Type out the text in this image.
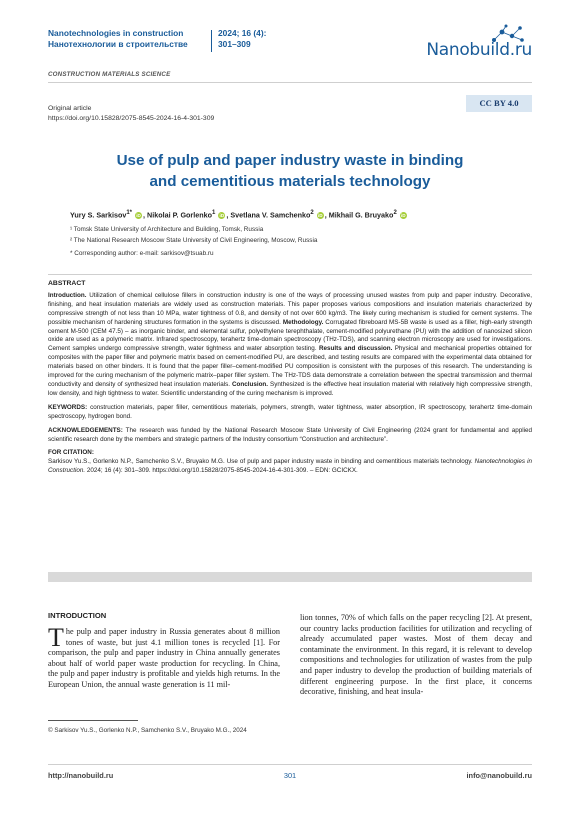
Nanotechnologies in construction
Нанотехнологии в строительстве
2024; 16 (4):
301–309	Nanobuild.ru
CONSTRUCTION MATERIALS SCIENCE
Original article
https://doi.org/10.15828/2075-8545-2024-16-4-301-309
CC BY 4.0
Use of pulp and paper industry waste in binding
and cementitious materials technology
Yury S. Sarkisov$^{1*}$ iD , Nikolai P. Gorlenko$^1$ iD , Svetlana V. Samchenko$^2$ iD , Mikhail G. Bruyako$^2$ iD
¹ Tomsk State University of Architecture and Building, Tomsk, Russia
² The National Research Moscow State University of Civil Engineering, Moscow, Russia
* Corresponding author: e-mail: sarkisov@tsuab.ru
ABSTRACT

Introduction. Utilization of chemical cellulose fillers in construction industry is one of the ways of processing unused wastes from pulp and paper industry. Decorative, finishing, and heat insulation materials are widely used as construction materials. This paper proposes various compositions and insulation materials characterized by compressive strength of not less than 10 MPa, water tightness of 0.8, and density of not over 600 kg/m3. The likely curing mechanism is studied for cement systems. The possible mechanism of hardening structures formation in the systems is discussed. Methodology. Corrugated fibreboard MS-5B waste is used as a filler, high-early strength cement M-500 (CEM 47.5) – as inorganic binder, and elemental sulfur, polyethylene terephthalate, cement-modified polyurethane (PU) with the addition of nanosized silicon oxide are used as a polymeric matrix. Infrared spectroscopy, terahertz time-domain spectroscopy (THz-TDS), and scanning electron microscopy are used for investigations. Cement samples undergo compressive strength, water tightness and water absorption testing. Results and discussion. Physical and mechanical properties obtained for composites with the paper filler and polymeric matrix based on cement-modified PU, are described, and testing results are compared with the experimental data obtained for materials based on other binders. It is found that the paper filler–cement-modified PU composition is consistent with the purposes of this research. The understanding is improved for the curing mechanism of the polymeric matrix–paper filler system. The THz-TDS data demonstrate a correlation between the spectral transmission and thermal conductivity and density of synthesized heat insulation materials. Conclusion. Synthesized is the effective heat insulation material with relatively high compressive strength, low density, and high tightness to water. Scientific understanding of the curing mechanism is improved.

KEYWORDS: construction materials, paper filler, cementitious materials, polymers, strength, water tightness, water absorption, IR spectroscopy, terahertz time-domain spectroscopy, hydrogen bond.

ACKNOWLEDGEMENTS: The research was funded by the National Research Moscow State University of Civil Engineering (2024 grant for fundamental and applied scientific research done by the members and strategic partners of the Industry consortium “Construction and architecture”.

FOR CITATION:
Sarkisov Yu.S., Gorlenko N.P., Samchenko S.V., Bruyako M.G. Use of pulp and paper industry waste in binding and cementitious materials technology. Nanotechnologies in Construction. 2024; 16 (4): 301–309. https://doi.org/10.15828/2075-8545-2024-16-4-301-309. – EDN: GCICKX.

INTRODUCTION
The pulp and paper industry in Russia generates about 8 million tones of waste, but just 4.1 million tones is recycled [1]. For comparison, the pulp and paper industry in China annually generates about half of world paper waste production for recycling. In China, the pulp and paper industry is profitable and yields high returns. In the European Union, the annual waste generation is 11 mil-
lion tonnes, 70% of which falls on the paper recycling [2]. At present, our country lacks production facilities for utilization and recycling of already accumulated paper wastes. Most of them decay and contaminate the environment. In this regard, it is relevant to develop compositions and technologies for utilization of wastes from the pulp and paper industry to develop the production of building materials of different engineering purpose. In the first place, it concerns decorative, finishing, and heat insula-
© Sarkisov Yu.S., Gorlenko N.P., Samchenko S.V., Bruyako M.G., 2024
http://nanobuild.ru	301	info@nanobuild.ru
